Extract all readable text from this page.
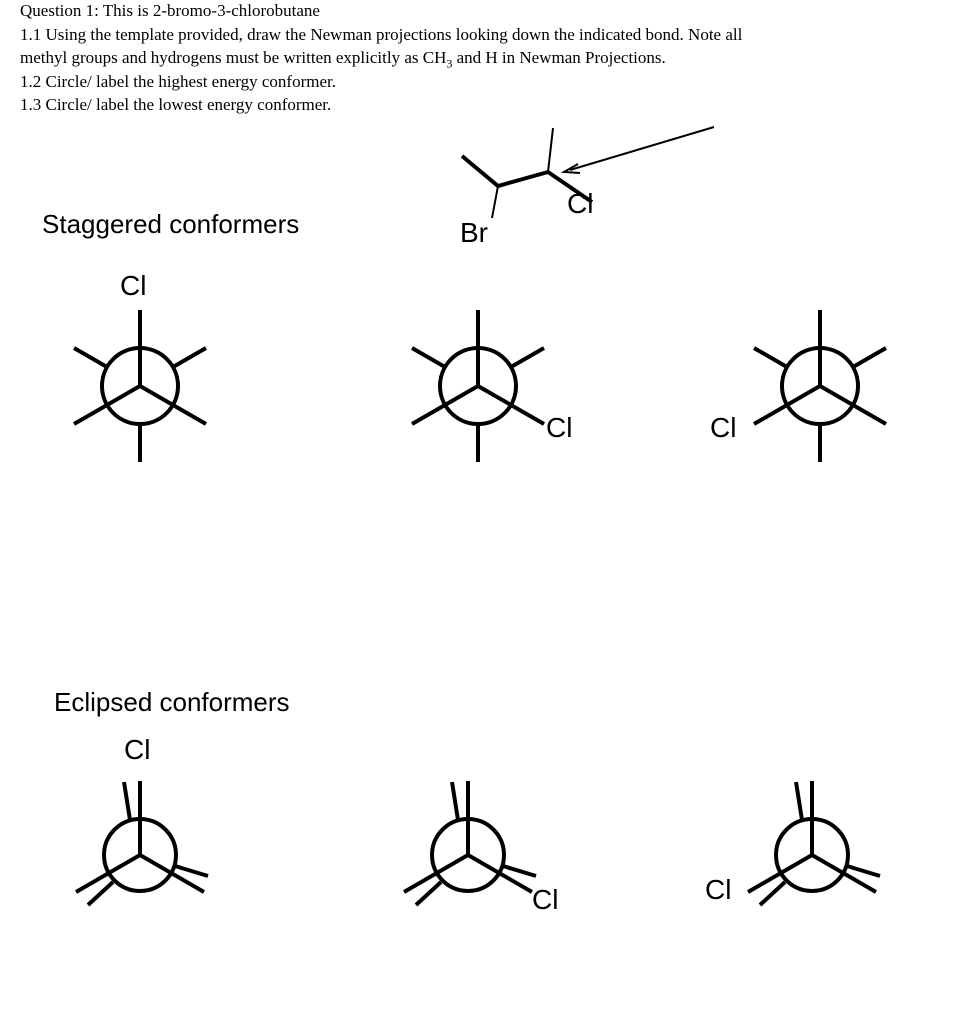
Question 1: This is 2-bromo-3-chlorobutane

1.1 Using the template provided, draw the Newman projections looking down the indicated bond. Note all

methyl groups and hydrogens must be written explicitly as $CH_3$ and H in Newman Projections.

1.2 Circle/ label the highest energy conformer.

1.3 Circle/ label the lowest energy conformer.

Cl

Br

Staggered conformers

Eclipsed conformers

Cl

Cl	Cl

Cl

Cl	Cl
